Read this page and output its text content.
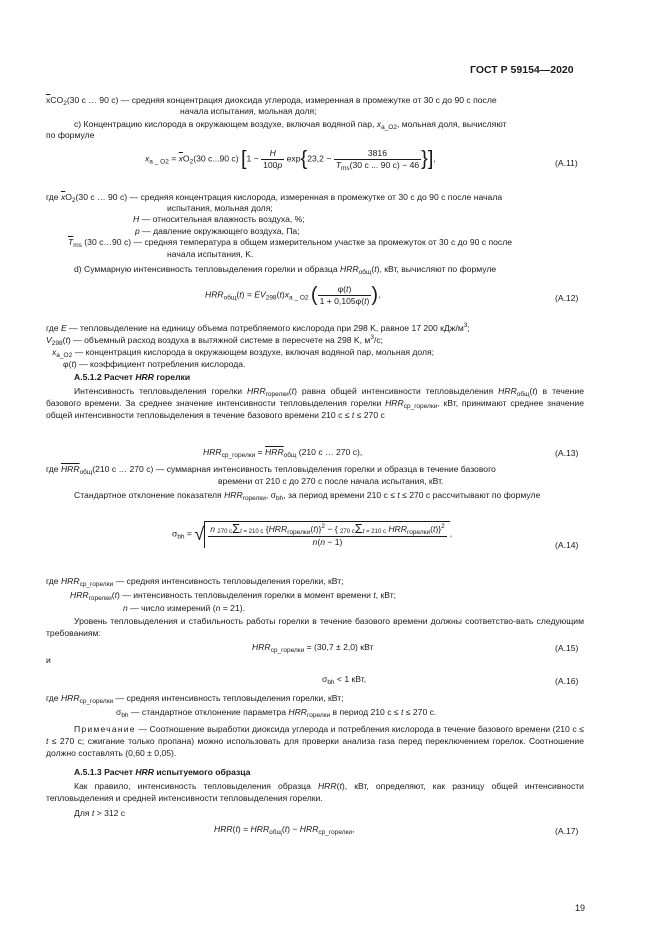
ГОСТ Р 59154—2020
$\overline{x}CO_2(30$ с … 90 с) — средняя концентрация диоксида углерода, измеренная в промежутке от 30 с до 90 с после
начала испытания, мольная доля;
c) Концентрацию кислорода в окружающем воздухе, включая водяной пар, $x_{a\_O2}$, мольная доля, вычисляют
по формуле
$x_{a \_ O2} = \overline{x}O_2(30$ c...90 c) [$1 - \frac{H}{100p} \exp\{23,2 - \frac{3816}{\overline{T}_{ms}(30 c ... 90 c) - 46}$ }],	(A.11)
где $\overline{x}O_2(30$ с … 90 с) — средняя концентрация кислорода, измеренная в промежутке от 30 с до 90 с после начала
испытания, мольная доля;
H — относительная влажность воздуха, %;
p — давление окружающего воздуха, Па;
$\overline{T}_{ms}$ (30 с…90 с) — средняя температура в общем измерительном участке за промежуток от 30 с до 90 с после
начала испытания, K.
d) Суммарную интенсивность тепловыделения горелки и образца $HRR_{общ}(t)$, кВт, вычисляют по формуле
$HRR_{общ}(t) = EV_{298}(t)x_{a \_ O2}$ ( $\frac{\varphi(t)}{1 + 0,105\varphi(t)}$ ),	(A.12)
где E — тепловыделение на единицу объема потребляемого кислорода при 298 K, равное 17 200 кДж/$м^3$;
$V_{298}(t)$ — объемный расход воздуха в вытяжной системе в пересчете на 298 K, $м^3/с$;
$x_{a\_O2}$ — концентрация кислорода в окружающем воздухе, включая водяной пар, мольная доля;
φ(t) — коэффициент потребления кислорода.
A.5.1.2 Расчет HRR горелки
Интенсивность тепловыделения горелки $HRR_{горелки}(t)$ равна общей интенсивности тепловыделения $HRR_{общ}(t)$ в течение базового времени. За среднее значение интенсивности тепловыделения горелки $HRR_{ср\_горелки}$, кВт, принимают среднее значение общей интенсивности тепловыделения в течение базового времени 210 с ≤ t ≤ 270 с
$HRR_{ср\_горелки} = \overline{HRR}_{общ}$ (210 с … 270 с),	(A.13)
где $\overline{HRR}_{общ}(210$ с … 270 с) — суммарная интенсивность тепловыделения горелки и образца в течение базового
времени от 210 с до 270 с после начала испытания, кВт.
Стандартное отклонение показателя $HRR_{горелки}$, $\sigma_{bh}$, за период времени 210 с ≤ t ≤ 270 с рассчитывают по формуле
$\sigma_{bh}$ = √ n 270 сΣt = 210 с $\{HRR_{горелки}(t)\}^2$ − { 270 сΣt = 210 с $HRR_{горелки}(t)\}^2$
n(n − 1)
,
(A.14)
где $HRR_{ср\_горелки}$ — средняя интенсивность тепловыделения горелки, кВт;
$HRR_{горелки}(t)$ — интенсивность тепловыделения горелки в момент времени t, кВт;
n — число измерений (n = 21).
Уровень тепловыделения и стабильность работы горелки в течение базового времени должны соответство-вать следующим требованиям:
$HRR_{ср\_горелки} = (30,7 \pm 2,0)$ кВт	(A.15)
и
$\sigma_{bh} < 1$ кВт,	(A.16)
где $HRR_{ср\_горелки}$ — средняя интенсивность тепловыделения горелки, кВт;
$\sigma_{bh}$ — стандартное отклонение параметра $HRR_{горелки}$ в период 210 с ≤ t ≤ 270 с.
Примечание — Соотношение выработки диоксида углерода и потребления кислорода в течение базового времени (210 с ≤ t ≤ 270 с; сжигание только пропана) можно использовать для проверки анализа газа перед переключением горелок. Соотношение должно составлять (0,60 ± 0,05).
A.5.1.3 Расчет HRR испытуемого образца
Как правило, интенсивность тепловыделения образца HRR(t), кВт, определяют, как разницу общей интенсивности тепловыделения и средней интенсивности тепловыделения горелки.
Для t > 312 с
$HRR(t) = HRR_{общ}(t) - HRR_{ср\_горелки}$,	(A.17)
19
